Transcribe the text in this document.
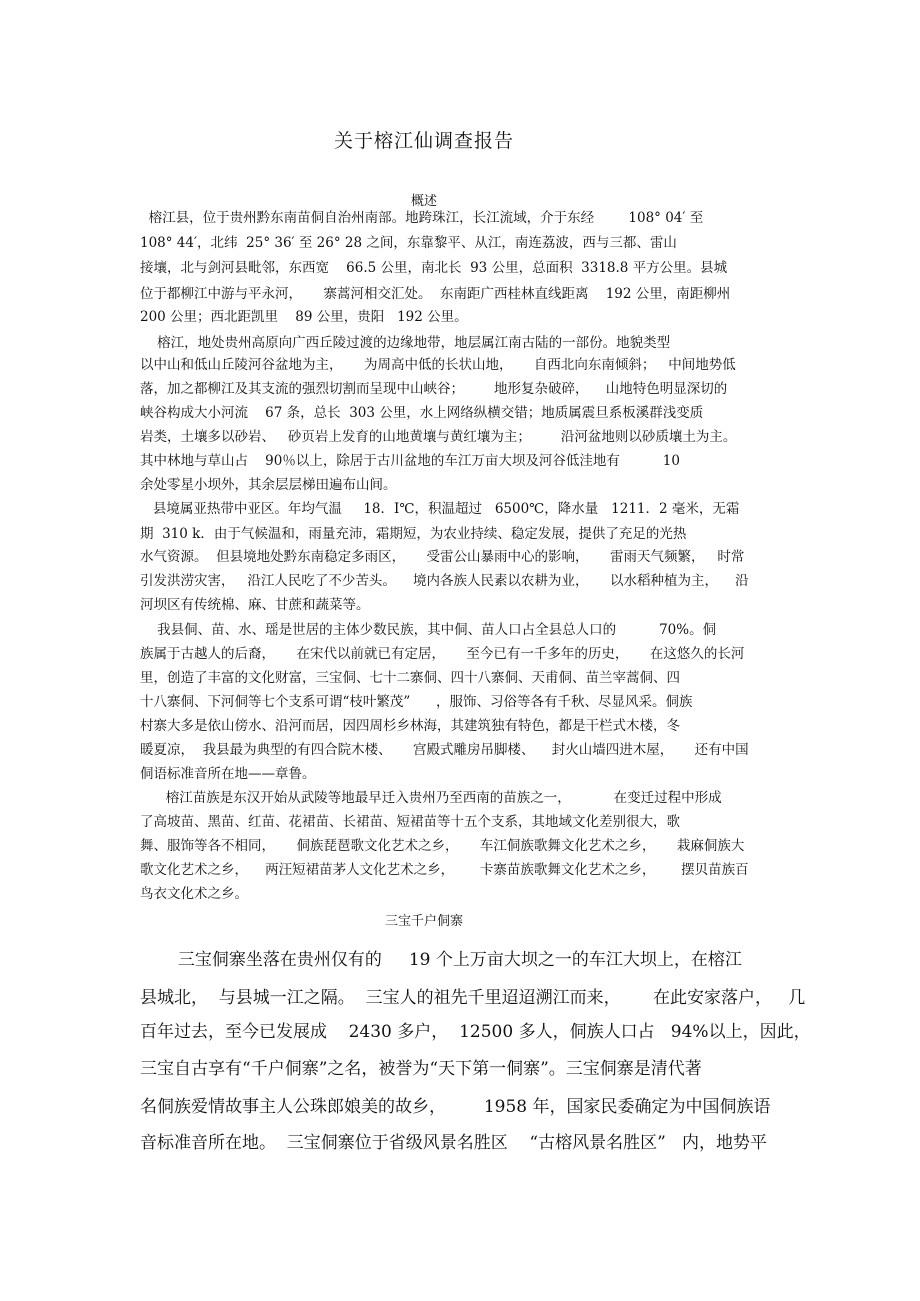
关于榕江仙调查报告
概述

榕江县，位于贵州黔东南苗侗自治州南部。地跨珠江，长江流域，介于东经        108° 04′ 至

108° 44′，北纬  25° 36′ 至 26° 28 之间，东靠黎平、从江，南连荔波，西与三都、雷山

接壤，北与剑河县毗邻，东西宽    66.5 公里，南北长  93 公里，总面积  3318.8 平方公里。县城

位于都柳江中游与平永河，     寨蒿河相交汇处。  东南距广西桂林直线距离    192 公里，南距柳州

200 公里；西北距凯里    89 公里，贵阳   192 公里。

榕江，地处贵州高原向广西丘陵过渡的边缘地带，地层属江南古陆的一部份。地貌类型

以中山和低山丘陵河谷盆地为主，     为周高中低的长状山地，     自西北向东南倾斜；   中间地势低

落，加之都柳江及其支流的强烈切割而呈现中山峡谷；       地形复杂破碎，    山地特色明显深切的

峡谷构成大小河流    67 条，总长  303 公里，水上网络纵横交错；地质属震旦系板溪群浅变质

岩类，土壤多以砂岩、   砂页岩上发育的山地黄壤与黄红壤为主；       沿河盆地则以砂质壤土为主。

其中林地与草山占    90％以上，除居于古川盆地的车江万亩大坝及河谷低洼地有          10

余处零星小坝外，其余层层梯田遍布山间。

县境属亚热带中亚区。年均气温     18．I℃，积温超过   6500℃，降水量   1211．2 毫米，无霜

期  310 k．由于气候温和，雨量充沛，霜期短，为农业持续、稳定发展，提供了充足的光热

水气资源。  但县境地处黔东南稳定多雨区，     受雷公山暴雨中心的影响，     雷雨天气频繁，   时常

引发洪涝灾害，   沿江人民吃了不少苦头。    境内各族人民素以农耕为业，     以水稻种植为主，    沿

河坝区有传统棉、麻、甘蔗和蔬菜等。

我县侗、苗、水、瑶是世居的主体少数民族，其中侗、苗人口占全县总人口的          70%。侗

族属于古越人的后裔，     在宋代以前就已有定居，     至今已有一千多年的历史，     在这悠久的长河

里，创造了丰富的文化财富，三宝侗、七十二寨侗、四十八寨侗、天甫侗、苗兰宰蒿侗、四

十八寨侗、下河侗等七个支系可谓“枝叶繁茂”      ，服饰、习俗等各有千秋、尽显风采。侗族

村寨大多是依山傍水、沿河而居，因四周杉乡林海，其建筑独有特色，都是干栏式木楼，冬

暖夏凉，  我县最为典型的有四合院木楼、     宫殿式雕房吊脚楼、    封火山墙四进木屋，     还有中国

侗语标准音所在地——章鲁。

榕江苗族是东汉开始从武陵等地最早迁入贵州乃至西南的苗族之一，          在变迁过程中形成

了高坡苗、黑苗、红苗、花裙苗、长裙苗、短裙苗等十五个支系，其地域文化差别很大，歌

舞、服饰等各不相同，     侗族琵琶歌文化艺术之乡，     车江侗族歌舞文化艺术之乡，     栽麻侗族大

歌文化艺术之乡，    两汪短裙苗茅人文化艺术之乡，      卡寨苗族歌舞文化艺术之乡，      摆贝苗族百

鸟衣文化术之乡。

三宝千户侗寨

三宝侗寨坐落在贵州仅有的     19 个上万亩大坝之一的车江大坝上，在榕江

县城北，  与县城一江之隔。  三宝人的祖先千里迢迢溯江而来，      在此安家落户，   几

百年过去，至今已发展成    2430 多户，  12500 多人，侗族人口占   94%以上，因此，

三宝自古享有“千户侗寨”之名，被誉为“天下第一侗寨”。三宝侗寨是清代著

名侗族爱情故事主人公珠郎娘美的故乡，       1958 年，国家民委确定为中国侗族语

音标准音所在地。  三宝侗寨位于省级风景名胜区    “古榕风景名胜区”   内，地势平
